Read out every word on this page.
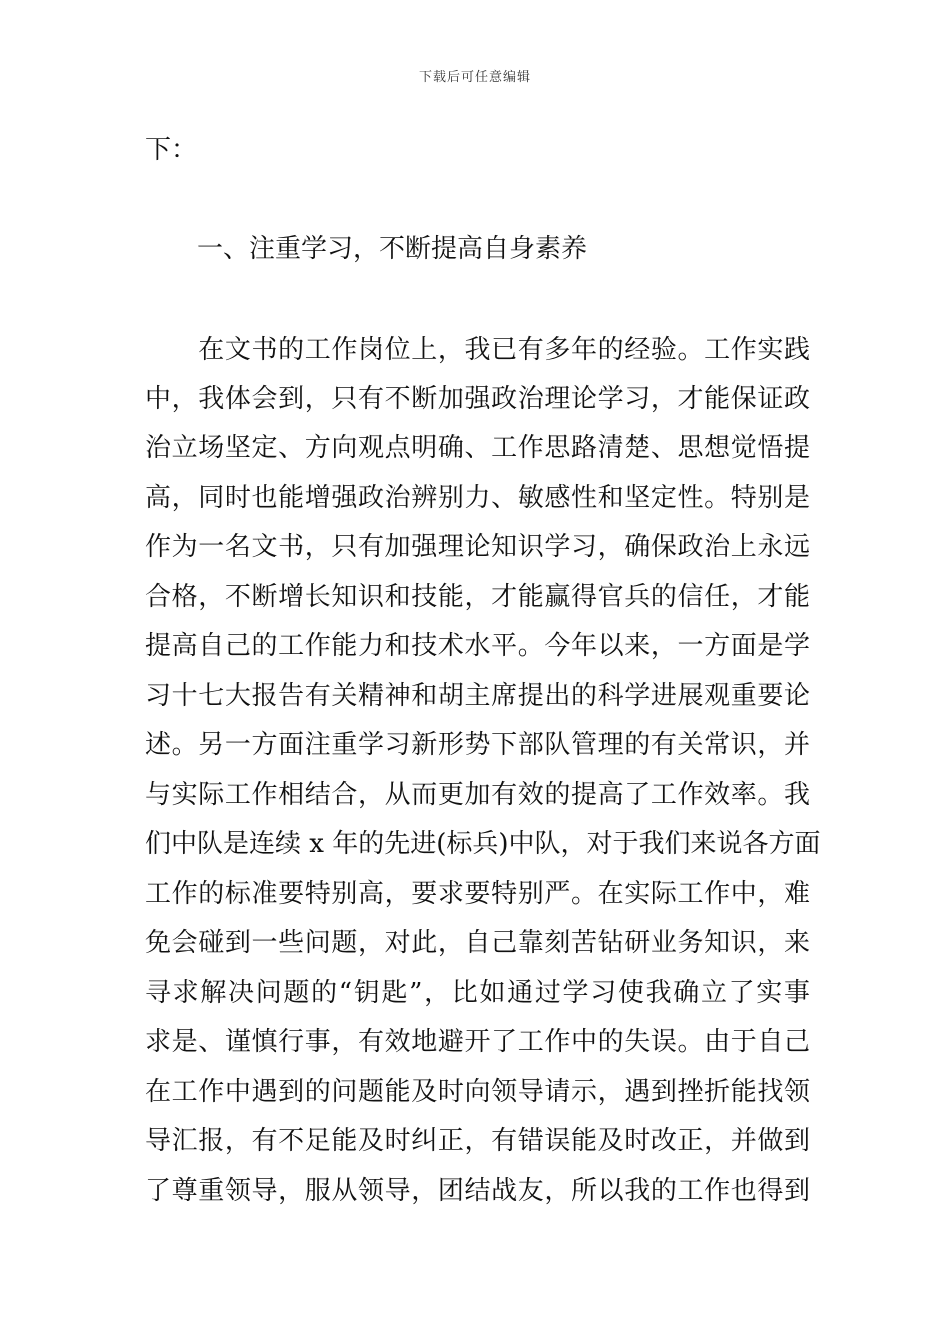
下载后可任意编辑
下：
一、注重学习，不断提高自身素养
　　在文书的工作岗位上，我已有多年的经验。工作实践
中，我体会到，只有不断加强政治理论学习，才能保证政
治立场坚定、方向观点明确、工作思路清楚、思想觉悟提
高，同时也能增强政治辨别力、敏感性和坚定性。特别是
作为一名文书，只有加强理论知识学习，确保政治上永远
合格，不断增长知识和技能，才能赢得官兵的信任，才能
提高自己的工作能力和技术水平。今年以来，一方面是学
习十七大报告有关精神和胡主席提出的科学进展观重要论
述。另一方面注重学习新形势下部队管理的有关常识，并
与实际工作相结合，从而更加有效的提高了工作效率。我
们中队是连续 x 年的先进(标兵)中队，对于我们来说各方面
工作的标准要特别高，要求要特别严。在实际工作中，难
免会碰到一些问题，对此，自己靠刻苦钻研业务知识，来
寻求解决问题的“钥匙”，比如通过学习使我确立了实事
求是、谨慎行事，有效地避开了工作中的失误。由于自己
在工作中遇到的问题能及时向领导请示，遇到挫折能找领
导汇报，有不足能及时纠正，有错误能及时改正，并做到
了尊重领导，服从领导，团结战友，所以我的工作也得到
